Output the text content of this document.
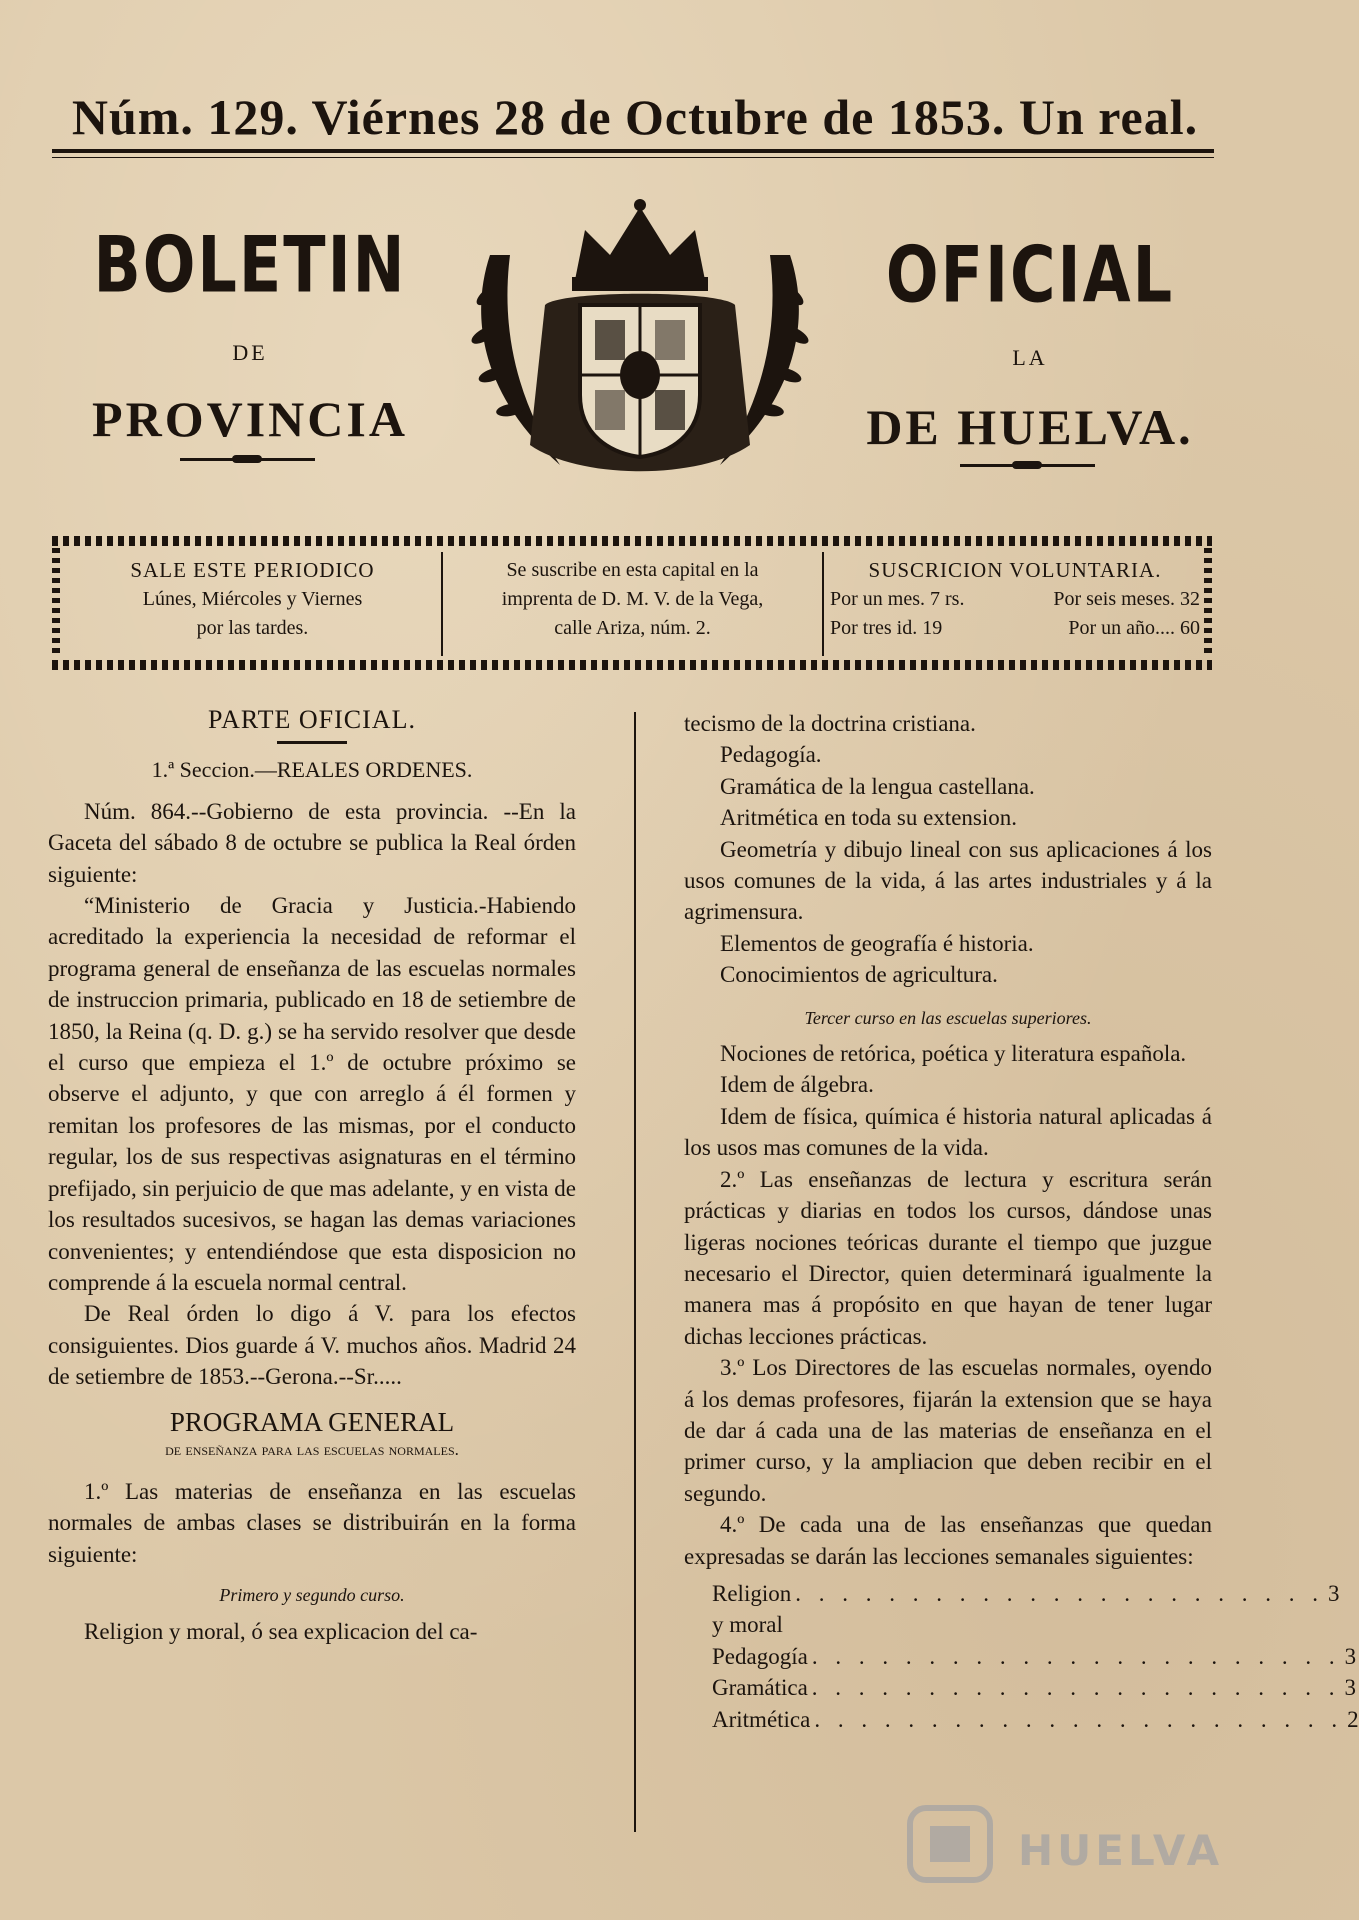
Núm. 129. Viérnes 28 de Octubre de 1853. Un real.
BOLETIN	OFICIAL
DE	LA
PROVINCIA	DE HUELVA.
SALE ESTE PERIODICO
Lúnes, Miércoles y Viernes
por las tardes.
Se suscribe en esta capital en la
imprenta de D. M. V. de la Vega,
calle Ariza, núm. 2.
SUSCRICION VOLUNTARIA.
Por un mes. 7 rs.	Por seis meses. 32
Por tres id. 19	Por un año.... 60

PARTE OFICIAL.

1.ª Seccion.—REALES ORDENES.

Núm. 864.--Gobierno de esta provincia. --En la Gaceta del sábado 8 de octubre se publica la Real órden siguiente:

“Ministerio de Gracia y Justicia.-Habiendo acreditado la experiencia la necesidad de reformar el programa general de enseñanza de las escuelas normales de instruccion primaria, publicado en 18 de setiembre de 1850, la Reina (q. D. g.) se ha servido resolver que desde el curso que empieza el 1.º de octubre próximo se observe el adjunto, y que con arreglo á él formen y remitan los profesores de las mismas, por el conducto regular, los de sus respectivas asignaturas en el término prefijado, sin perjuicio de que mas adelante, y en vista de los resultados sucesivos, se hagan las demas variaciones convenientes; y entendiéndose que esta disposicion no comprende á la escuela normal central.

De Real órden lo digo á V. para los efectos consiguientes. Dios guarde á V. muchos años. Madrid 24 de setiembre de 1853.--Gerona.--Sr.....

PROGRAMA GENERAL

de enseñanza para las escuelas normales.

1.º Las materias de enseñanza en las escuelas normales de ambas clases se distribuirán en la forma siguiente:

Primero y segundo curso.

Religion y moral, ó sea explicacion del ca-

tecismo de la doctrina cristiana.

Pedagogía.

Gramática de la lengua castellana.

Aritmética en toda su extension.

Geometría y dibujo lineal con sus aplicaciones á los usos comunes de la vida, á las artes industriales y á la agrimensura.

Elementos de geografía é historia.

Conocimientos de agricultura.

Tercer curso en las escuelas superiores.

Nociones de retórica, poética y literatura española.

Idem de álgebra.

Idem de física, química é historia natural aplicadas á los usos mas comunes de la vida.

2.º Las enseñanzas de lectura y escritura serán prácticas y diarias en todos los cursos, dándose unas ligeras nociones teóricas durante el tiempo que juzgue necesario el Director, quien determinará igualmente la manera mas á propósito en que hayan de tener lugar dichas lecciones prácticas.

3.º Los Directores de las escuelas normales, oyendo á los demas profesores, fijarán la extension que se haya de dar á cada una de las materias de enseñanza en el primer curso, y la ampliacion que deben recibir en el segundo.

4.º De cada una de las enseñanzas que quedan expresadas se darán las lecciones semanales siguientes:

Religion y moral
. . . . . . . . . . . . . . . . . . . . . . . 3
Pedagogía . . . . . . . . . . . . . . . . . . . . . . . 3
Gramática . . . . . . . . . . . . . . . . . . . . . . . 3
Aritmética . . . . . . . . . . . . . . . . . . . . . . . 2
HUELVA
